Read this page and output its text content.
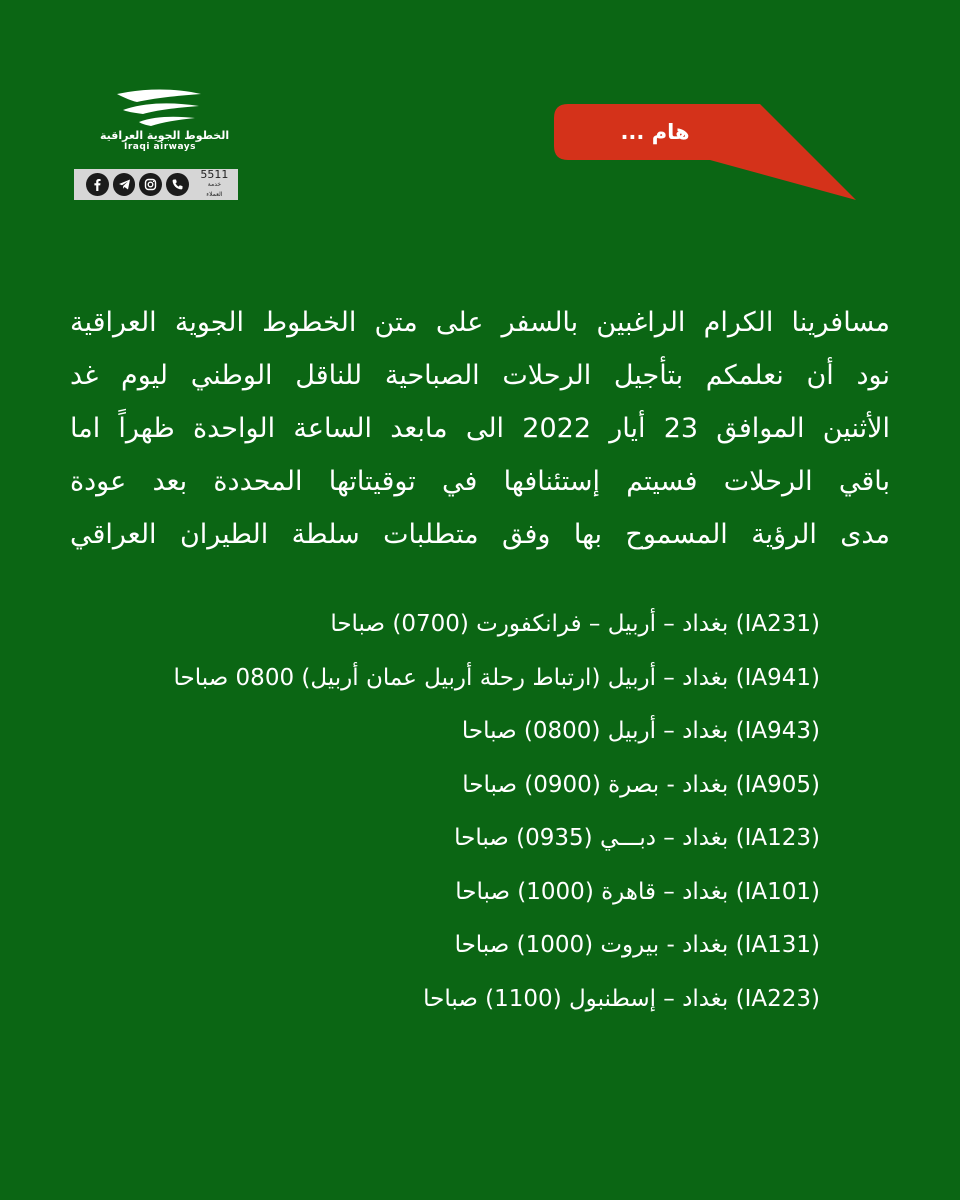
الخطوط الجوية العراقية
Iraqi airways
5511
خدمة العملاء
هام ...

مسافرينا الكرام الراغبين بالسفر على متن الخطوط الجوية العراقية
نود أن نعلمكم بتأجيل الرحلات الصباحية للناقل الوطني ليوم غد
الأثنين الموافق 23 أيار 2022 الى مابعد الساعة الواحدة ظهراً اما
باقي الرحلات فسيتم إستئنافها في توقيتاتها المحددة بعد عودة
مدى الرؤية المسموح بها وفق متطلبات سلطة الطيران العراقي

(IA231) بغداد – أربيل – فرانكفورت (0700) صباحا
(IA941) بغداد – أربيل (ارتباط رحلة أربيل عمان أربيل) 0800 صباحا
(IA943) بغداد – أربيل (0800) صباحا
(IA905) بغداد - بصرة (0900) صباحا
(IA123) بغداد – دبـــي (0935) صباحا
(IA101) بغداد – قاهرة (1000) صباحا
(IA131) بغداد - بيروت (1000) صباحا
(IA223) بغداد – إسطنبول (1100) صباحا
